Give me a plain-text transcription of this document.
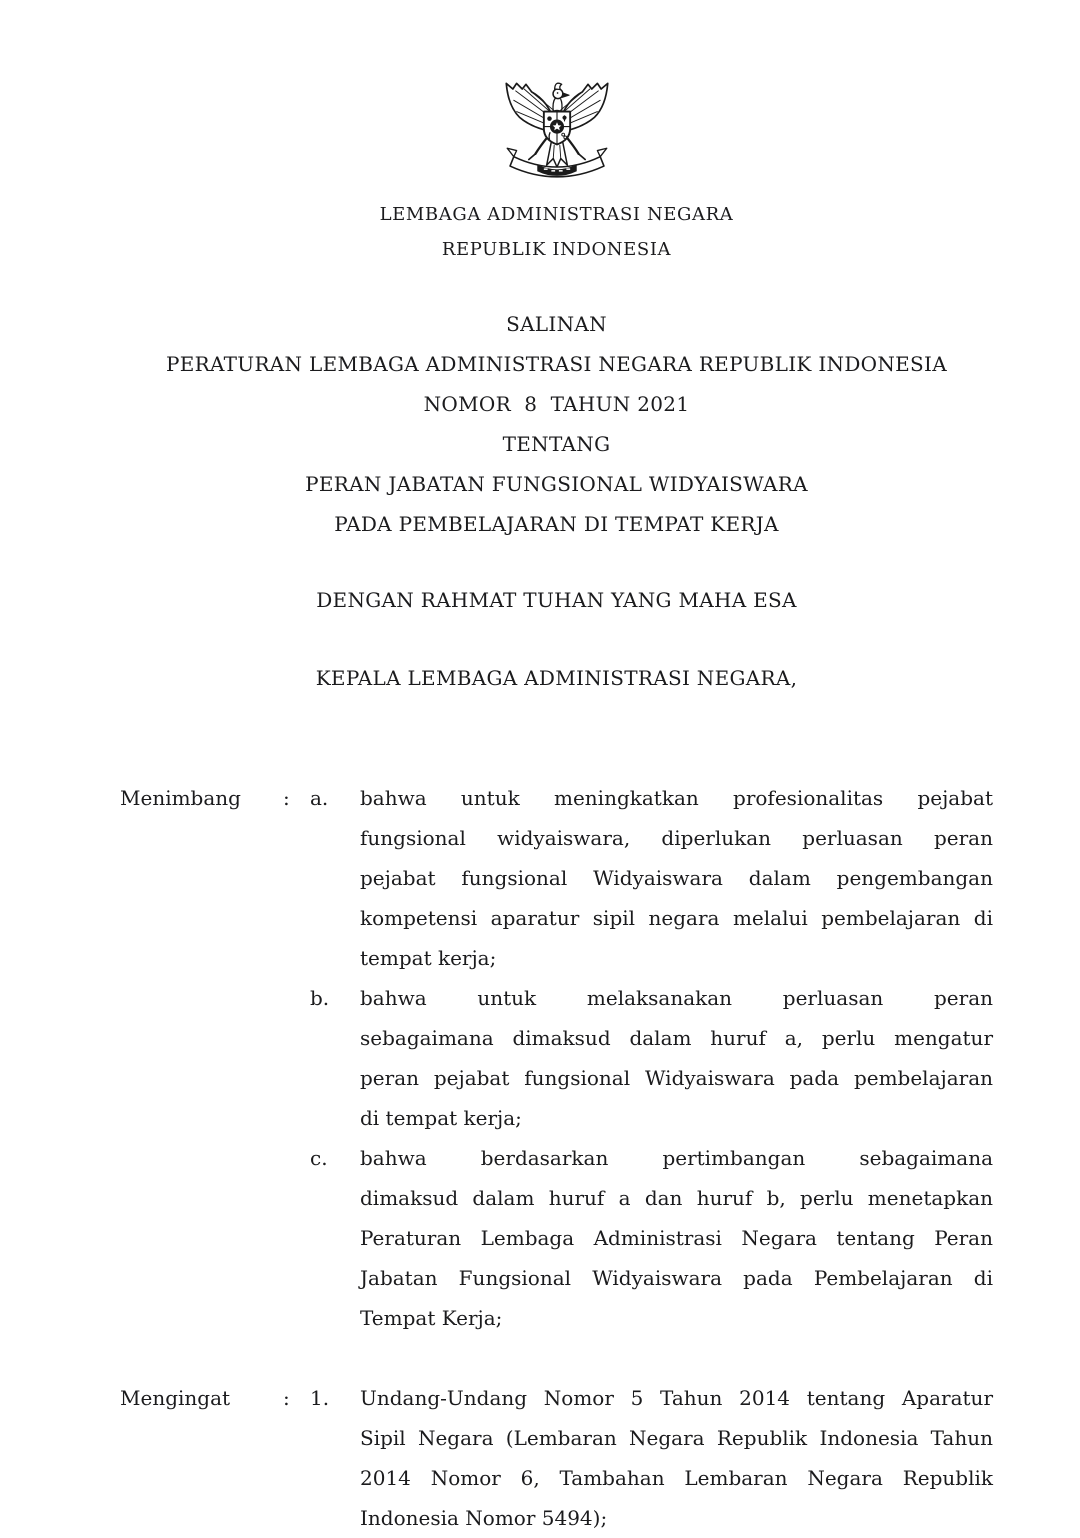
LEMBAGA ADMINISTRASI NEGARA
REPUBLIK INDONESIA
SALINAN
PERATURAN LEMBAGA ADMINISTRASI NEGARA REPUBLIK INDONESIA
NOMOR  8  TAHUN 2021
TENTANG
PERAN JABATAN FUNGSIONAL WIDYAISWARA
PADA PEMBELAJARAN DI TEMPAT KERJA
DENGAN RAHMAT TUHAN YANG MAHA ESA
KEPALA LEMBAGA ADMINISTRASI NEGARA,
Menimbang	:	a.	bahwa untuk meningkatkan profesionalitas pejabat
fungsional widyaiswara, diperlukan perluasan peran
pejabat fungsional Widyaiswara dalam pengembangan
kompetensi aparatur sipil negara melalui pembelajaran di
tempat kerja;
b.	bahwa untuk melaksanakan perluasan peran
sebagaimana dimaksud dalam huruf a, perlu mengatur
peran pejabat fungsional Widyaiswara pada pembelajaran
di tempat kerja;
c.	bahwa berdasarkan pertimbangan sebagaimana
dimaksud dalam huruf a dan huruf b, perlu menetapkan
Peraturan Lembaga Administrasi Negara tentang Peran
Jabatan Fungsional Widyaiswara pada Pembelajaran di
Tempat Kerja;
Mengingat	:	1.	Undang-Undang Nomor 5 Tahun 2014 tentang Aparatur
Sipil Negara (Lembaran Negara Republik Indonesia Tahun
2014 Nomor 6, Tambahan Lembaran Negara Republik
Indonesia Nomor 5494);
